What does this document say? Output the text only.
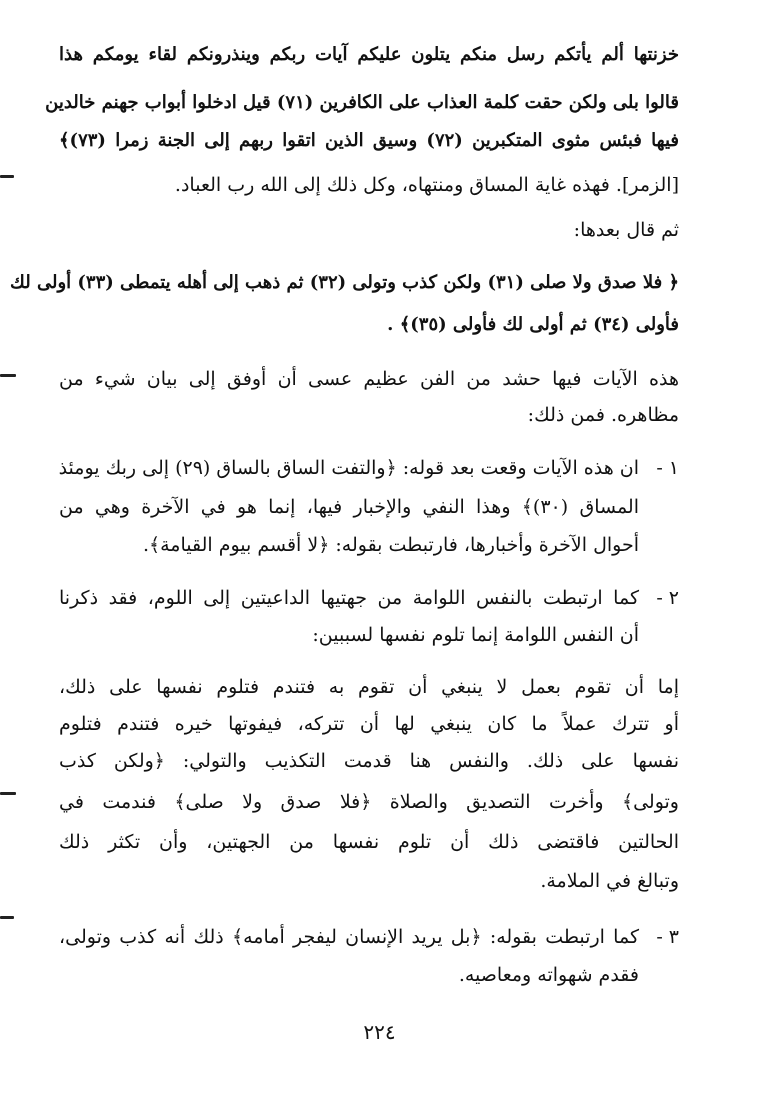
خزنتها ألم يأتكم رسل منكم يتلون عليكم آيات ربكم وينذرونكم لقاء يومكم هذا
قالوا بلى ولكن حقت كلمة العذاب على الكافرين (٧١) قيل ادخلوا أبواب جهنم خالدين
فيها فبئس مثوى المتكبرين (٧٢) وسيق الذين اتقوا ربهم إلى الجنة زمرا (٧٣)﴾
[الزمر]. فهذه غاية المساق ومنتهاه، وكل ذلك إلى الله رب العباد.
ثم قال بعدها:
﴿ فلا صدق ولا صلى (٣١) ولكن كذب وتولى (٣٢) ثم ذهب إلى أهله يتمطى (٣٣) أولى لك
فأولى (٣٤) ثم أولى لك فأولى (٣٥)﴾ .
هذه الآيات فيها حشد من الفن عظيم عسى أن أوفق إلى بيان شيء من
مظاهره. فمن ذلك:
١ -
ان هذه الآيات وقعت بعد قوله: ﴿والتفت الساق بالساق (٢٩) إلى ربك يومئذ
المساق (٣٠)﴾ وهذا النفي والإخبار فيها، إنما هو في الآخرة وهي من
أحوال الآخرة وأخبارها، فارتبطت بقوله: ﴿لا أقسم بيوم القيامة﴾.
٢ -
كما ارتبطت بالنفس اللوامة من جهتيها الداعيتين إلى اللوم، فقد ذكرنا
أن النفس اللوامة إنما تلوم نفسها لسببين:
إما أن تقوم بعمل لا ينبغي أن تقوم به فتندم فتلوم نفسها على ذلك،
أو تترك عملاً ما كان ينبغي لها أن تتركه، فيفوتها خيره فتندم فتلوم
نفسها على ذلك. والنفس هنا قدمت التكذيب والتولي: ﴿ولكن كذب
وتولى﴾ وأخرت التصديق والصلاة ﴿فلا صدق ولا صلى﴾ فندمت في
الحالتين فاقتضى ذلك أن تلوم نفسها من الجهتين، وأن تكثر ذلك
وتبالغ في الملامة.
٣ -
كما ارتبطت بقوله: ﴿بل يريد الإنسان ليفجر أمامه﴾ ذلك أنه كذب وتولى،
فقدم شهواته ومعاصيه.
٢٢٤
